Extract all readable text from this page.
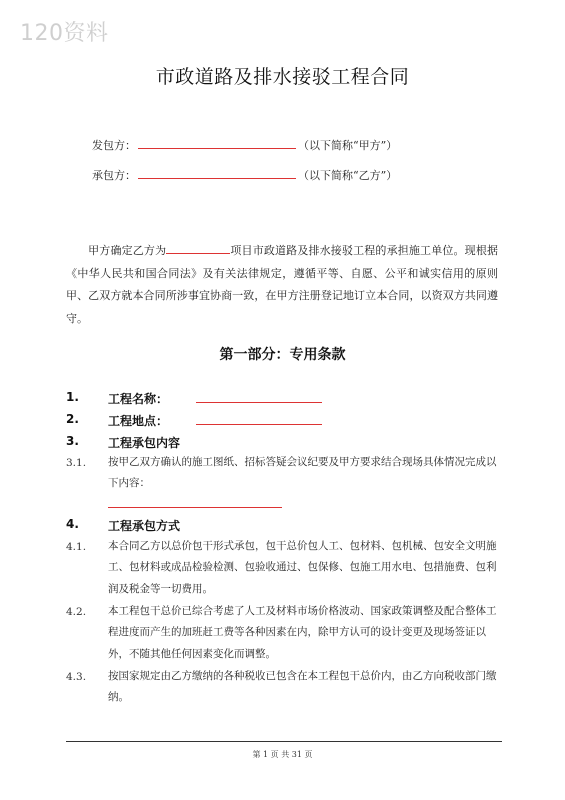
120资料
市政道路及排水接驳工程合同
发包方：	（以下简称“甲方”）
承包方：	（以下简称“乙方”）
甲方确定乙方为	项目市政道路及排水接驳工程的承担施工单位。现根据《中华人民共和国合同法》及有关法律规定，遵循平等、自愿、公平和诚实信用的原则甲、乙双方就本合同所涉事宜协商一致，在甲方注册登记地订立本合同，以资双方共同遵守。
第一部分：专用条款
1. 工程名称：
2. 工程地点：
3. 工程承包内容
3.1. 按甲乙双方确认的施工图纸、招标答疑会议纪要及甲方要求结合现场具体情况完成以下内容：
4. 工程承包方式
4.1. 本合同乙方以总价包干形式承包，包干总价包人工、包材料、包机械、包安全文明施工、包材料或成品检验检测、包验收通过、包保修、包施工用水电、包措施费、包利润及税金等一切费用。
4.2. 本工程包干总价已综合考虑了人工及材料市场价格波动、国家政策调整及配合整体工程进度而产生的加班赶工费等各种因素在内，除甲方认可的设计变更及现场签证以外，不随其他任何因素变化而调整。
4.3. 按国家规定由乙方缴纳的各种税收已包含在本工程包干总价内，由乙方向税收部门缴纳。
第 1 页 共 31 页
